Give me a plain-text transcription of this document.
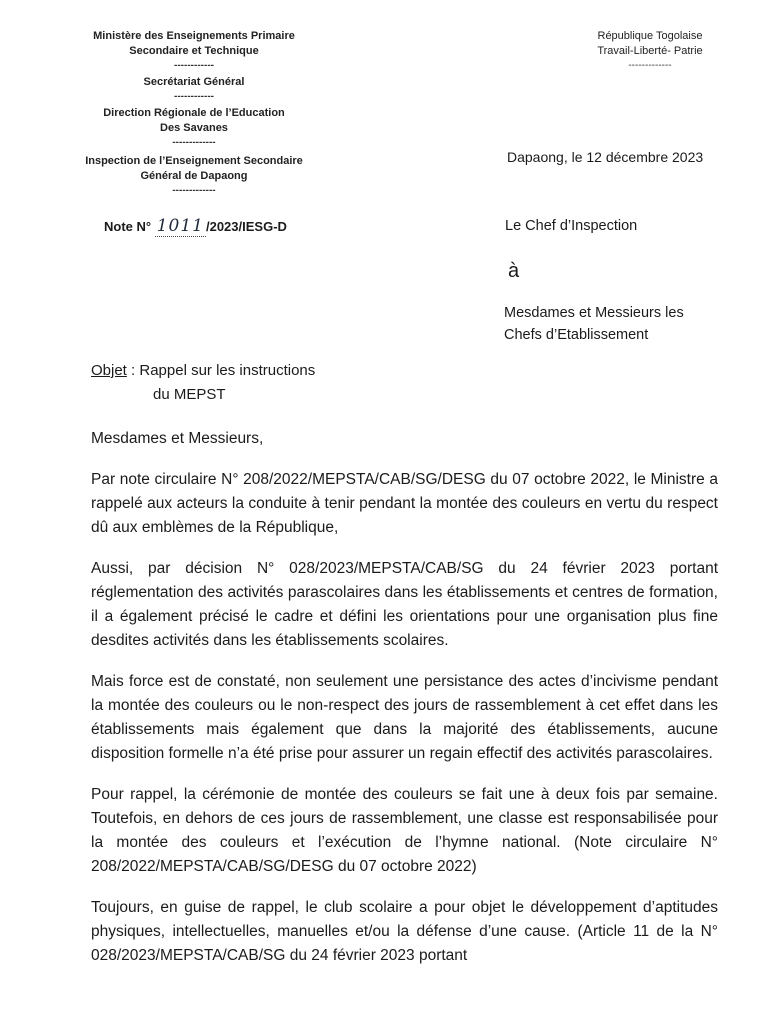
Ministère des Enseignements Primaire
Secondaire et Technique
------------
Secrétariat Général
------------
Direction Régionale de l’Education
Des Savanes
-------------
Inspection de l’Enseignement Secondaire
Général de Dapaong
-------------
République Togolaise
Travail-Liberté- Patrie
-------------
Dapaong, le 12 décembre 2023
Note N° 1011 /2023/IESG-D	Le Chef d’Inspection
à
Mesdames et Messieurs les
Chefs d’Etablissement
Objet : Rappel sur les instructions
du MEPST
Mesdames et Messieurs,

Par note circulaire N° 208/2022/MEPSTA/CAB/SG/DESG du 07 octobre 2022, le Ministre a rappelé aux acteurs la conduite à tenir pendant la montée des couleurs en vertu du respect dû aux emblèmes de la République,

Aussi, par décision N° 028/2023/MEPSTA/CAB/SG du 24 février 2023 portant réglementation des activités parascolaires dans les établissements et centres de formation, il a également précisé le cadre et défini les orientations pour une organisation plus fine desdites activités dans les établissements scolaires.

Mais force est de constaté, non seulement une persistance des actes d’incivisme pendant la montée des couleurs ou le non-respect des jours de rassemblement à cet effet dans les établissements mais également que dans la majorité des établissements, aucune disposition formelle n’a été prise pour assurer un regain effectif des activités parascolaires.

Pour rappel, la cérémonie de montée des couleurs se fait une à deux fois par semaine. Toutefois, en dehors de ces jours de rassemblement, une classe est responsabilisée pour la montée des couleurs et l’exécution de l’hymne national. (Note circulaire N° 208/2022/MEPSTA/CAB/SG/DESG du 07 octobre 2022)

Toujours, en guise de rappel, le club scolaire a pour objet le développement d’aptitudes physiques, intellectuelles, manuelles et/ou la défense d’une cause. (Article 11 de la N° 028/2023/MEPSTA/CAB/SG du 24 février 2023 portant
